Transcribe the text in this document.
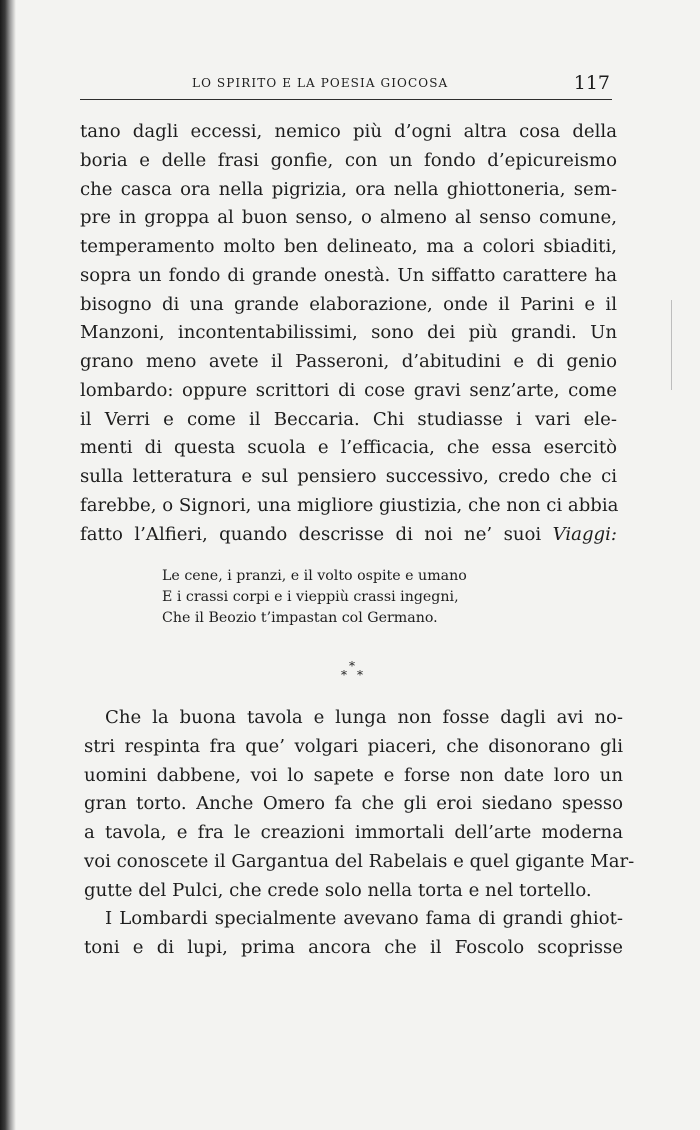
LO SPIRITO E LA POESIA GIOCOSA	117
tano dagli eccessi, nemico più d’ogni altra cosa della
boria e delle frasi gonfie, con un fondo d’epicureismo
che casca ora nella pigrizia, ora nella ghiottoneria, sem-
pre in groppa al buon senso, o almeno al senso comune,
temperamento molto ben delineato, ma a colori sbiaditi,
sopra un fondo di grande onestà. Un siffatto carattere ha
bisogno di una grande elaborazione, onde il Parini e il
Manzoni, incontentabilissimi, sono dei più grandi. Un
grano meno avete il Passeroni, d’abitudini e di genio
lombardo: oppure scrittori di cose gravi senz’arte, come
il Verri e come il Beccaria. Chi studiasse i vari ele-
menti di questa scuola e l’efficacia, che essa esercitò
sulla letteratura e sul pensiero successivo, credo che ci
farebbe, o Signori, una migliore giustizia, che non ci abbia
fatto l’Alfieri, quando descrisse di noi ne’ suoi Viaggi:
Le cene, i pranzi, e il volto ospite e umano
E i crassi corpi e i vieppiù crassi ingegni,
Che il Beozio t’impastan col Germano.
*
* *
Che la buona tavola e lunga non fosse dagli avi no-
stri respinta fra que’ volgari piaceri, che disonorano gli
uomini dabbene, voi lo sapete e forse non date loro un
gran torto. Anche Omero fa che gli eroi siedano spesso
a tavola, e fra le creazioni immortali dell’arte moderna
voi conoscete il Gargantua del Rabelais e quel gigante Mar-
gutte del Pulci, che crede solo nella torta e nel tortello.
I Lombardi specialmente avevano fama di grandi ghiot-
toni e di lupi, prima ancora che il Foscolo scoprisse
